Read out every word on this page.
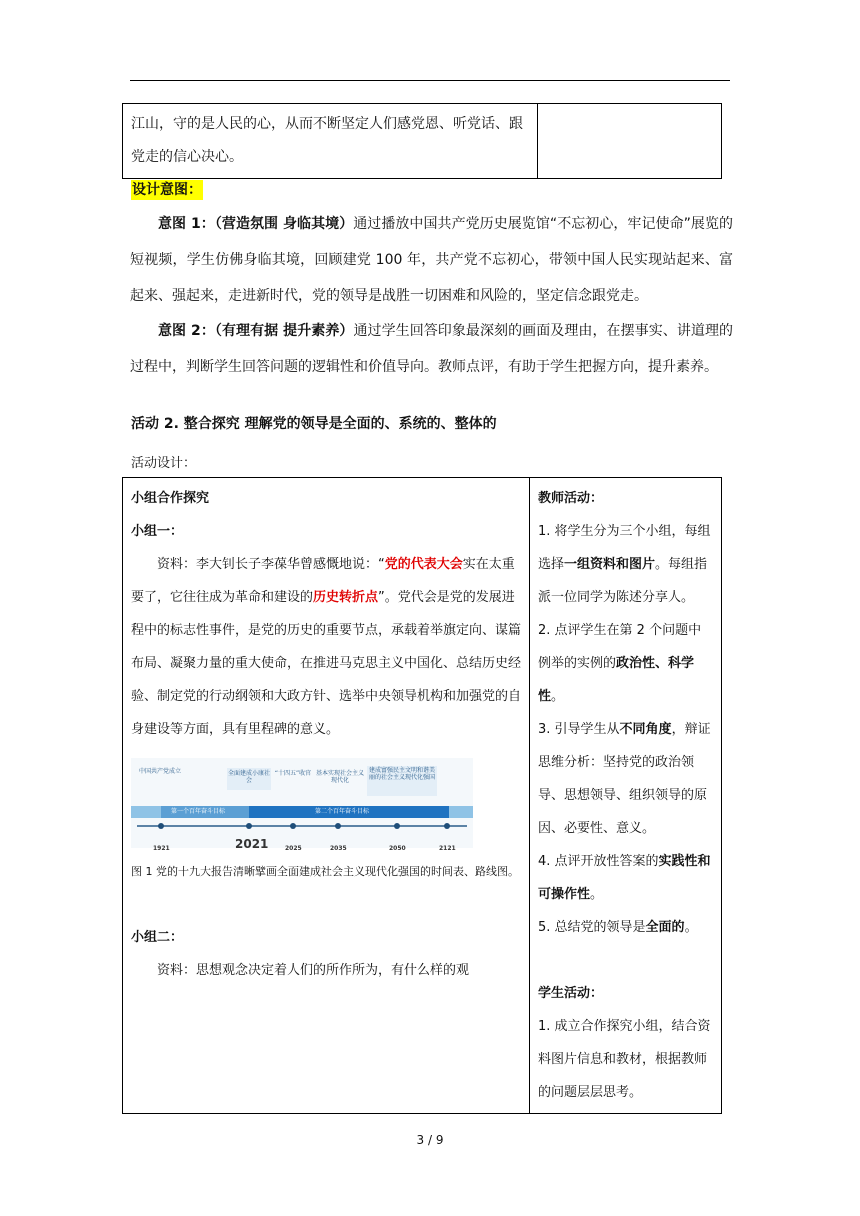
江山，守的是人民的心，从而不断坚定人们感党恩、听党话、跟党走的信心决心。	
设计意图：
意图 1：（营造氛围 身临其境）通过播放中国共产党历史展览馆“不忘初心，牢记使命”展览的短视频，学生仿佛身临其境，回顾建党 100 年，共产党不忘初心，带领中国人民实现站起来、富起来、强起来，走进新时代，党的领导是战胜一切困难和风险的，坚定信念跟党走。
意图 2：（有理有据 提升素养）通过学生回答印象最深刻的画面及理由，在摆事实、讲道理的过程中，判断学生回答问题的逻辑性和价值导向。教师点评，有助于学生把握方向，提升素养。
活动 2. 整合探究 理解党的领导是全面的、系统的、整体的
活动设计：

小组合作探究

小组一：

资料：李大钊长子李葆华曾感慨地说：“党的代表大会实在太重要了，它往往成为革命和建设的历史转折点”。党代会是党的发展进程中的标志性事件，是党的历史的重要节点，承载着举旗定向、谋篇布局、凝聚力量的重大使命，在推进马克思主义中国化、总结历史经验、制定党的行动纲领和大政方针、选举中央领导机构和加强党的自身建设等方面，具有里程碑的意义。

中国共产党成立	全面建成小康社会
“十四五”收官 基本实现社会主义现代化
建成富强民主文明和谐美丽的社会主义现代化强国
第一个百年奋斗目标	第二个百年奋斗目标
1921	2021	2025	2035	2050	2121

图 1 党的十九大报告清晰擘画全面建成社会主义现代化强国的时间表、路线图。

小组二：

资料：思想观念决定着人们的所作所为，有什么样的观

教师活动：

1. 将学生分为三个小组，每组选择一组资料和图片。每组指派一位同学为陈述分享人。

2. 点评学生在第 2 个问题中例举的实例的政治性、科学性。

3. 引导学生从不同角度，辩证思维分析：坚持党的政治领导、思想领导、组织领导的原因、必要性、意义。

4. 点评开放性答案的实践性和可操作性。

5. 总结党的领导是全面的。

学生活动：

1. 成立合作探究小组，结合资料图片信息和教材，根据教师的问题层层思考。

3 / 9
